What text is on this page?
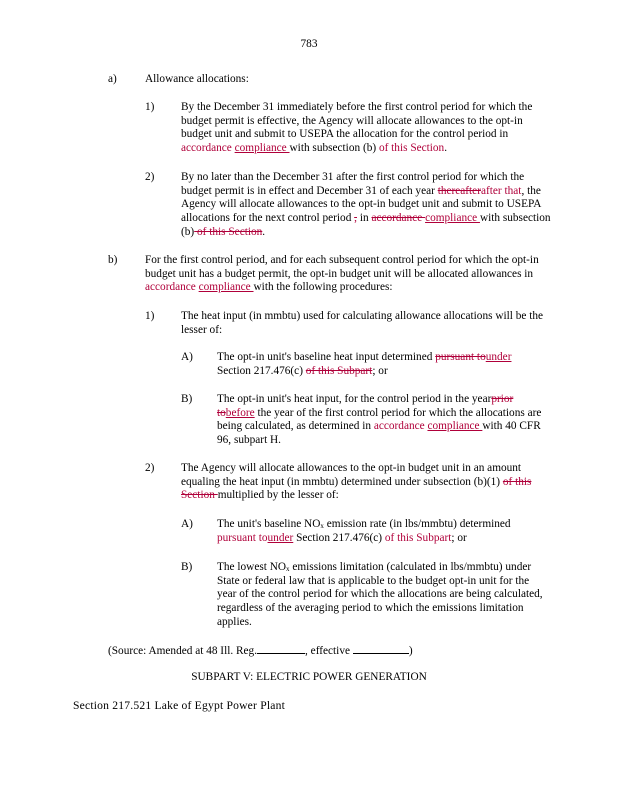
783
a) Allowance allocations:
1) By the December 31 immediately before the first control period for which the budget permit is effective, the Agency will allocate allowances to the opt-in budget unit and submit to USEPA the allocation for the control period in accordance compliance with subsection (b) of this Section.
2) By no later than the December 31 after the first control period for which the budget permit is in effect and December 31 of each year thereafterafter that, the Agency will allocate allowances to the opt-in budget unit and submit to USEPA allocations for the next control period , in accordance compliance with subsection (b) of this Section.
b) For the first control period, and for each subsequent control period for which the opt-in budget unit has a budget permit, the opt-in budget unit will be allocated allowances in accordance compliance with the following procedures:
1) The heat input (in mmbtu) used for calculating allowance allocations will be the lesser of:
A) The opt-in unit's baseline heat input determined pursuant tounder Section 217.476(c) of this Subpart; or
B) The opt-in unit's heat input, for the control period in the yearprior tobefore the year of the first control period for which the allocations are being calculated, as determined in accordance compliance with 40 CFR 96, subpart H.
2) The Agency will allocate allowances to the opt-in budget unit in an amount equaling the heat input (in mmbtu) determined under subsection (b)(1) of this Section multiplied by the lesser of:
A) The unit's baseline $NO_x$ emission rate (in lbs/mmbtu) determined pursuant tounder Section 217.476(c) of this Subpart; or
B) The lowest $NO_x$ emissions limitation (calculated in lbs/mmbtu) under State or federal law that is applicable to the budget opt-in unit for the year of the control period for which the allocations are being calculated, regardless of the averaging period to which the emissions limitation applies.
(Source: Amended at 48 Ill. Reg.	, effective	)
SUBPART V: ELECTRIC POWER GENERATION
Section 217.521 Lake of Egypt Power Plant
